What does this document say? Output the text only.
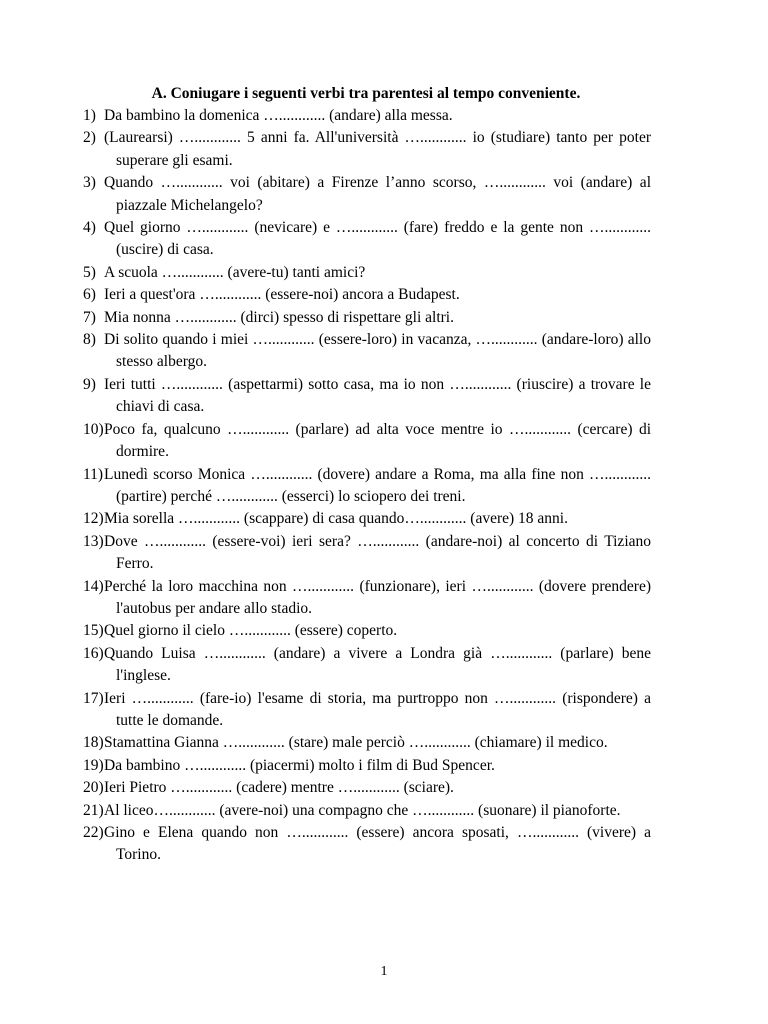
A. Coniugare i seguenti verbi tra parentesi al tempo conveniente.
1) Da bambino la domenica …............ (andare) alla messa.
2) (Laurearsi) …............ 5 anni fa. All'università …............ io (studiare) tanto per poter superare gli esami.
3) Quando …............ voi (abitare) a Firenze l’anno scorso, …............ voi (andare) al piazzale Michelangelo?
4) Quel giorno …............ (nevicare) e …............ (fare) freddo e la gente non …............ (uscire) di casa.
5) A scuola …............ (avere-tu) tanti amici?
6) Ieri a quest'ora …............ (essere-noi) ancora a Budapest.
7) Mia nonna …............ (dirci) spesso di rispettare gli altri.
8) Di solito quando i miei …............ (essere-loro) in vacanza, …............ (andare-loro) allo stesso albergo.
9) Ieri tutti …............ (aspettarmi) sotto casa, ma io non …............ (riuscire) a trovare le chiavi di casa.
10) Poco fa, qualcuno …............ (parlare) ad alta voce mentre io …............ (cercare) di dormire.
11) Lunedì scorso Monica …............ (dovere) andare a Roma, ma alla fine non …............ (partire) perché …............ (esserci) lo sciopero dei treni.
12) Mia sorella …............ (scappare) di casa quando…............ (avere) 18 anni.
13) Dove …............ (essere-voi) ieri sera? …............ (andare-noi) al concerto di Tiziano Ferro.
14) Perché la loro macchina non …............ (funzionare), ieri …............ (dovere prendere) l'autobus per andare allo stadio.
15) Quel giorno il cielo …............ (essere) coperto.
16) Quando Luisa …............ (andare) a vivere a Londra già …............ (parlare) bene l'inglese.
17) Ieri …............ (fare-io) l'esame di storia, ma purtroppo non …............ (rispondere) a tutte le domande.
18) Stamattina Gianna …............ (stare) male perciò …............ (chiamare) il medico.
19) Da bambino …............ (piacermi) molto i film di Bud Spencer.
20) Ieri Pietro …............ (cadere) mentre …............ (sciare).
21) Al liceo…............ (avere-noi) una compagno che …............ (suonare) il pianoforte.
22) Gino e Elena quando non …............ (essere) ancora sposati, …............ (vivere) a Torino.
1
